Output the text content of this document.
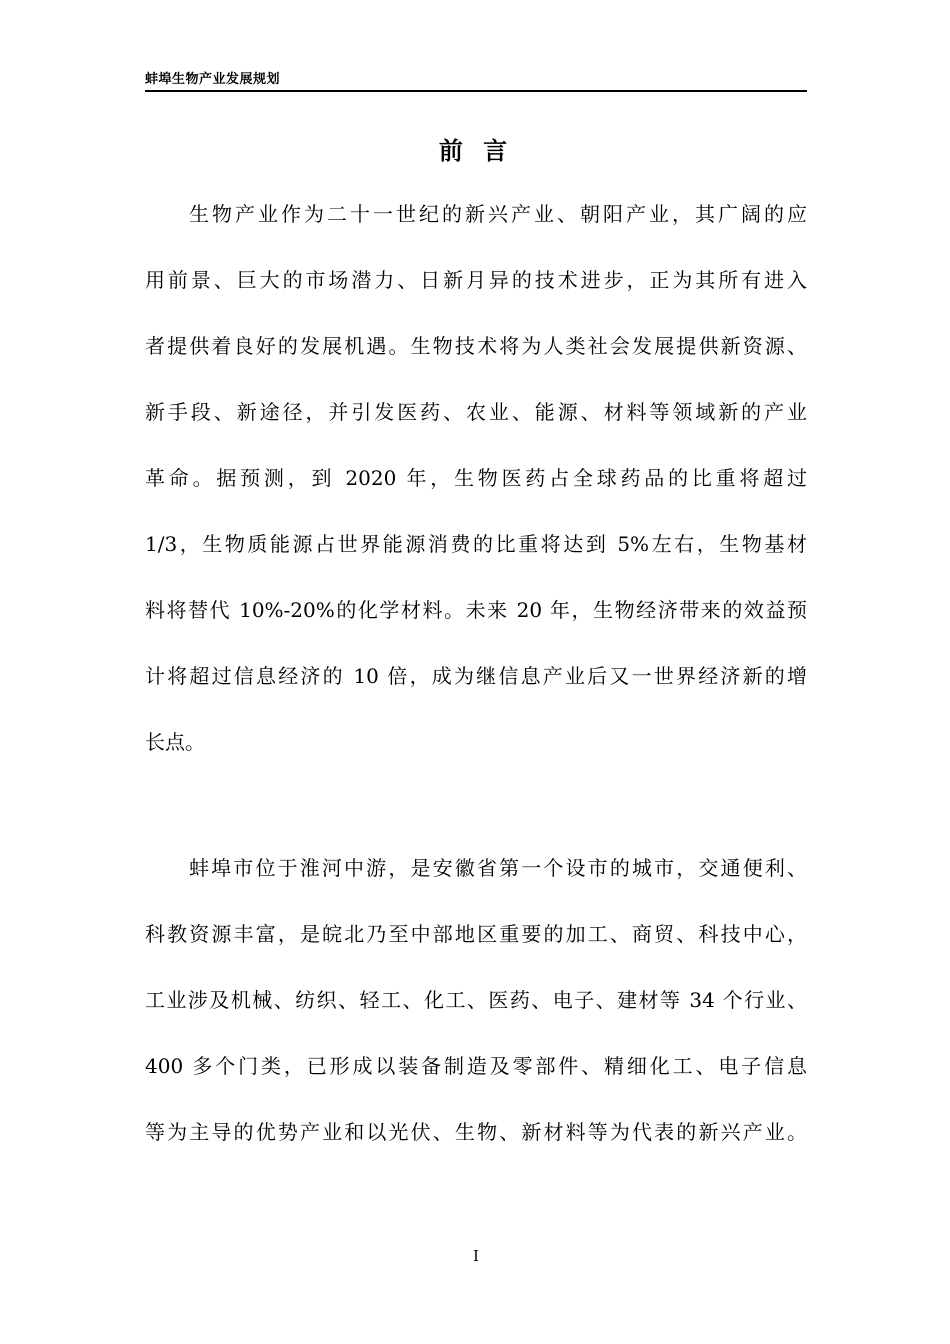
蚌埠生物产业发展规划
前 言
生物产业作为二十一世纪的新兴产业、朝阳产业，其广阔的应
用前景、巨大的市场潜力、日新月异的技术进步，正为其所有进入
者提供着良好的发展机遇。生物技术将为人类社会发展提供新资源、
新手段、新途径，并引发医药、农业、能源、材料等领域新的产业
革命。据预测，到 2020 年，生物医药占全球药品的比重将超过
1/3，生物质能源占世界能源消费的比重将达到 5%左右，生物基材
料将替代 10%-20%的化学材料。未来 20 年，生物经济带来的效益预
计将超过信息经济的 10 倍，成为继信息产业后又一世界经济新的增
长点。
蚌埠市位于淮河中游，是安徽省第一个设市的城市，交通便利、
科教资源丰富，是皖北乃至中部地区重要的加工、商贸、科技中心，
工业涉及机械、纺织、轻工、化工、医药、电子、建材等 34 个行业、
400 多个门类，已形成以装备制造及零部件、精细化工、电子信息
等为主导的优势产业和以光伏、生物、新材料等为代表的新兴产业。
I
